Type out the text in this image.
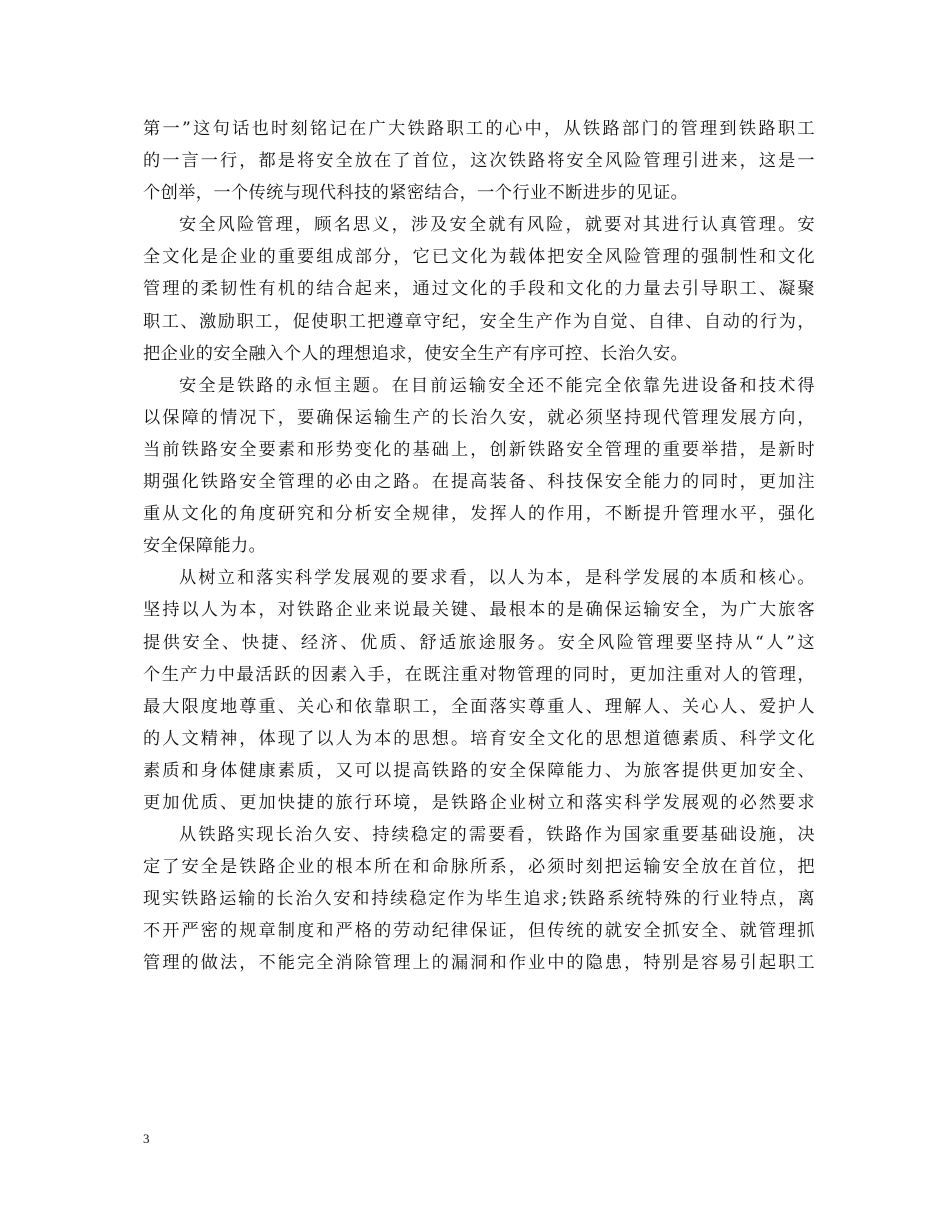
第一”这句话也时刻铭记在广大铁路职工的心中，从铁路部门的管理到铁路职工
的一言一行，都是将安全放在了首位，这次铁路将安全风险管理引进来，这是一
个创举，一个传统与现代科技的紧密结合，一个行业不断进步的见证。
安全风险管理，顾名思义，涉及安全就有风险，就要对其进行认真管理。安
全文化是企业的重要组成部分，它已文化为载体把安全风险管理的强制性和文化
管理的柔韧性有机的结合起来，通过文化的手段和文化的力量去引导职工、凝聚
职工、激励职工，促使职工把遵章守纪，安全生产作为自觉、自律、自动的行为，
把企业的安全融入个人的理想追求，使安全生产有序可控、长治久安。
安全是铁路的永恒主题。在目前运输安全还不能完全依靠先进设备和技术得
以保障的情况下，要确保运输生产的长治久安，就必须坚持现代管理发展方向，
当前铁路安全要素和形势变化的基础上，创新铁路安全管理的重要举措，是新时
期强化铁路安全管理的必由之路。在提高装备、科技保安全能力的同时，更加注
重从文化的角度研究和分析安全规律，发挥人的作用，不断提升管理水平，强化
安全保障能力。
从树立和落实科学发展观的要求看，以人为本，是科学发展的本质和核心。
坚持以人为本，对铁路企业来说最关键、最根本的是确保运输安全，为广大旅客
提供安全、快捷、经济、优质、舒适旅途服务。安全风险管理要坚持从“人”这
个生产力中最活跃的因素入手，在既注重对物管理的同时，更加注重对人的管理，
最大限度地尊重、关心和依靠职工，全面落实尊重人、理解人、关心人、爱护人
的人文精神，体现了以人为本的思想。培育安全文化的思想道德素质、科学文化
素质和身体健康素质，又可以提高铁路的安全保障能力、为旅客提供更加安全、
更加优质、更加快捷的旅行环境，是铁路企业树立和落实科学发展观的必然要求
从铁路实现长治久安、持续稳定的需要看，铁路作为国家重要基础设施，决
定了安全是铁路企业的根本所在和命脉所系，必须时刻把运输安全放在首位，把
现实铁路运输的长治久安和持续稳定作为毕生追求;铁路系统特殊的行业特点，离
不开严密的规章制度和严格的劳动纪律保证，但传统的就安全抓安全、就管理抓
管理的做法，不能完全消除管理上的漏洞和作业中的隐患，特别是容易引起职工
3
